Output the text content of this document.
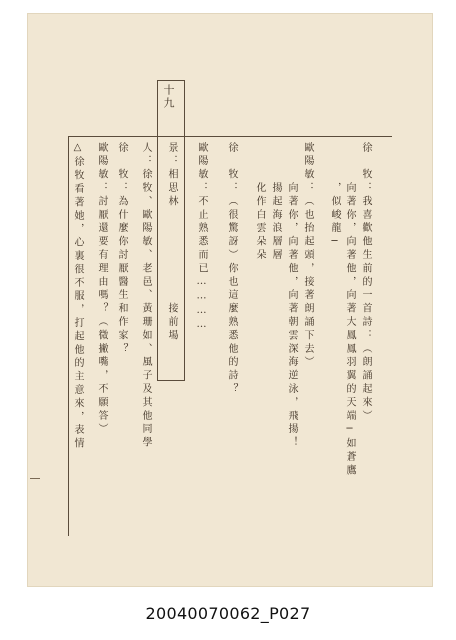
十九
徐　牧：我喜歡他生前的一首詩：（朗誦起來）
　　　向著你，向著他，向著大鳳鳳羽翼的天端─如蒼鷹
　　　，似峻龍─
歐陽敏：（也抬起頭，接著朗誦下去）
　　　向著你，向著他，向著朝雲深海逆泳，飛揚！
　　　揚起海浪層層
　　　化作白雲朵朵
徐　牧：（很驚訝）你也這麼熟悉他的詩？
歐陽敏：不止熟悉而已…………
景：相思林　　　　　　　接前場
人：徐牧、歐陽敏、老邑、黃珊如、風子及其他同學
徐　牧：為什麼你討厭醫生和作家？
歐陽敏：討厭還要有理由嗎？（微撇嘴，不願答）
△徐牧看著她，心裏很不服，打起他的主意來，表情
20040070062_P027
